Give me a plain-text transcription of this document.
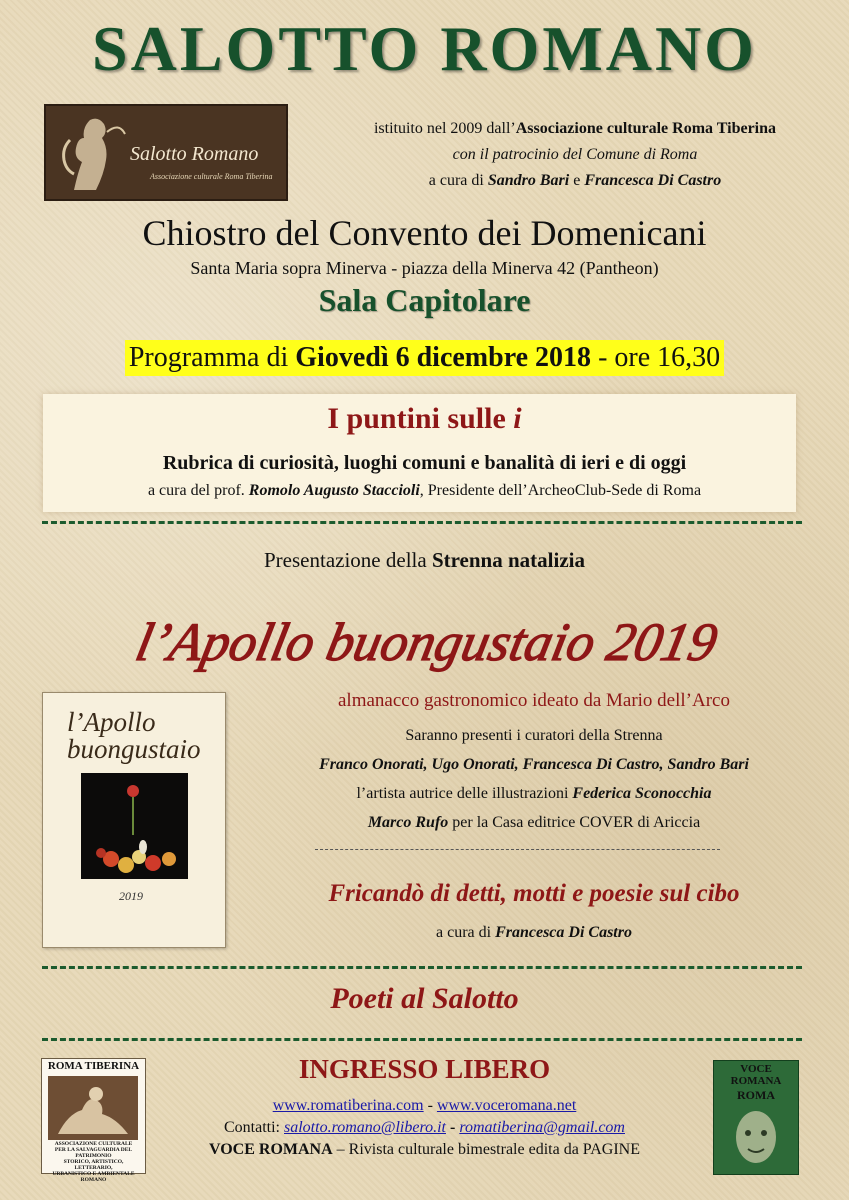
SALOTTO ROMANO
Salotto Romano
Associazione culturale Roma Tiberina
istituito nel 2009 dall’Associazione culturale Roma Tiberina
con il patrocinio del Comune di Roma
a cura di Sandro Bari e Francesca Di Castro
Chiostro del Convento dei Domenicani
Santa Maria sopra Minerva - piazza della Minerva 42 (Pantheon)
Sala Capitolare
Programma di Giovedì 6 dicembre 2018 - ore 16,30
I puntini sulle i
Rubrica di curiosità, luoghi comuni e banalità di ieri e di oggi
a cura del prof. Romolo Augusto Staccioli, Presidente dell’ArcheoClub-Sede di Roma
Presentazione della Strenna natalizia
l’Apollo buongustaio 2019
l’Apollo
buongustaio
2019
almanacco gastronomico ideato da Mario dell’Arco
Saranno presenti i curatori della Strenna
Franco Onorati, Ugo Onorati, Francesca Di Castro, Sandro Bari
l’artista autrice delle illustrazioni Federica Sconocchia
Marco Rufo per la Casa editrice COVER di Ariccia
Fricandò di detti, motti e poesie sul cibo
a cura di Francesca Di Castro
Poeti al Salotto
INGRESSO LIBERO
www.romatiberina.com - www.voceromana.net
Contatti: salotto.romano@libero.it - romatiberina@gmail.com
VOCE ROMANA – Rivista culturale bimestrale edita da PAGINE
ROMA TIBERINA
ASSOCIAZIONE CULTURALE
PER LA SALVAGUARDIA DEL PATRIMONIO
STORICO, ARTISTICO, LETTERARIO,
URBANISTICO E AMBIENTALE ROMANO
VOCE ROMANA
ROMA
